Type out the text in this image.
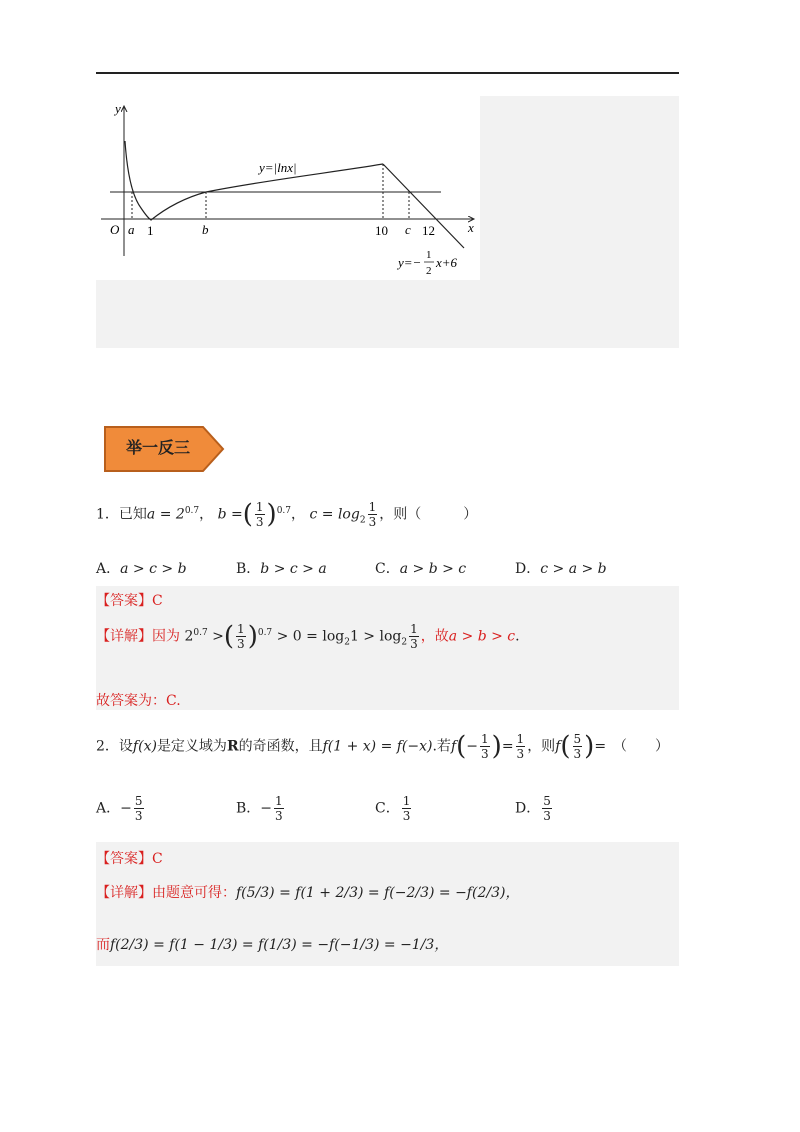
y
x
O a 1	b	10 c 12
y=|lnx|
y=− 1
2
x+6
举一反三
1．已知$a = 2^{0.7}$， b =( $\frac{1}{3} )^{0.7}$， $c = \log_2 \frac{1}{3}$ ，则（　　　）
A．a > c > b	B．b > c > a	C．a > b > c	D．c > a > b
【答案】C
【详解】因为 $2^{0.7}$ >( $\frac{1}{3} )^{0.7} > 0 = \log_21 > \log_2 \frac{1}{3}$ ，故a > b > c.
故答案为：C.
2．设f(x)是定义域为R的奇函数，且f(1 + x) = f(−x).若$f(- \frac{1}{3}$ )= $\frac{1}{3}$ ，则$f( \frac{5}{3}$ )=　（　　）
A．− $\frac{5}{3}$	B．− $\frac{1}{3}$	C． $\frac{1}{3}$	D． $\frac{5}{3}$
【答案】C
【详解】由题意可得：f(5/3) = f(1 + 2/3) = f(−2/3) = −f(2/3)，
而f(2/3) = f(1 − 1/3) = f(1/3) = −f(−1/3) = −1/3，
